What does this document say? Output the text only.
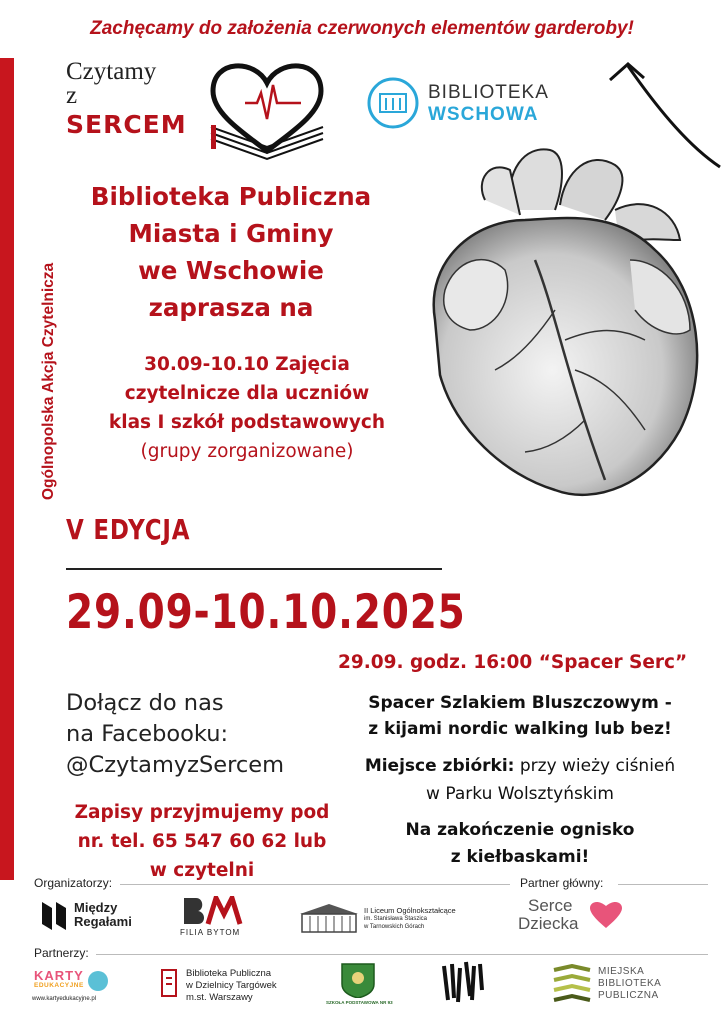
Zachęcamy do założenia czerwonych elementów garderoby!
Ogólnopolska Akcja Czytelnicza
Czytamy
z SERCEM
BIBLIOTEKA
WSCHOWA
Biblioteka Publiczna
Miasta i Gminy
we Wschowie
zaprasza na
30.09-10.10 Zajęcia
czytelnicze dla uczniów
klas I szkół podstawowych
(grupy zorganizowane)
V EDYCJA
29.09-10.10.2025
29.09. godz. 16:00 “Spacer Serc”
Dołącz do nas
na Facebooku:
@CzytamyzSercem
Spacer Szlakiem Bluszczowym -
z kijami nordic walking lub bez!
Miejsce zbiórki: przy wieży ciśnień
w Parku Wolsztyńskim
Na zakończenie ognisko
z kiełbaskami!
Zapisy przyjmujemy pod
nr. tel. 65 547 60 62 lub
w czytelni
Organizatorzy:	Partner główny:
Między
Regałami
FILIA BYTOM
II Liceum Ogólnokształcące
im. Stanisława Staszica
w Tarnowskich Górach
Serce
Dziecka
Partnerzy:
KARTY
EDUKACYJNE
www.kartyedukacyjne.pl
Biblioteka Publiczna
w Dzielnicy Targówek
m.st. Warszawy	SZKOŁA PODSTAWOWA NR 93
MIEJSKA
BIBLIOTEKA
PUBLICZNA
